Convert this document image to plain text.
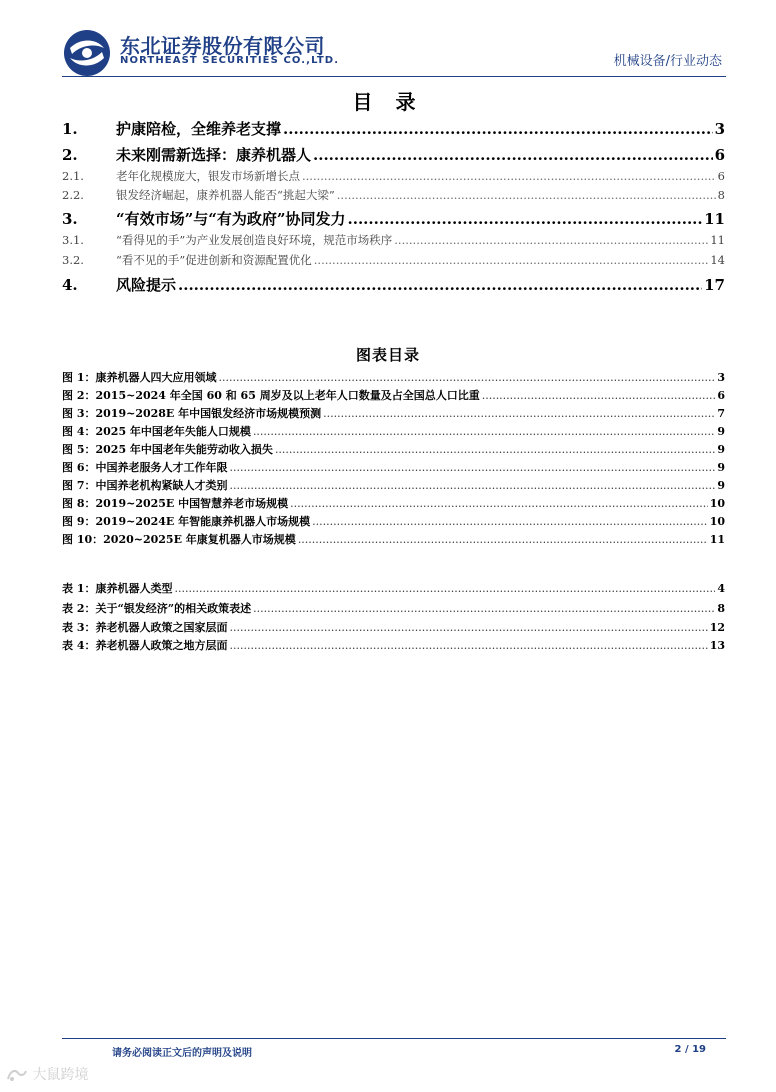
东北证券股份有限公司
NORTHEAST SECURITIES CO.,LTD.	机械设备/行业动态
目 录
1.	护康陪检，全维养老支撑 .....	3
2.	未来刚需新选择：康养机器人 .....	6
2.1.	老年化规模庞大，银发市场新增长点 .....	6
2.2.	银发经济崛起，康养机器人能否“挑起大梁” .....	8
3.	“有效市场”与“有为政府”协同发力 .....	11
3.1.	“看得见的手”为产业发展创造良好环境，规范市场秩序 .....	11
3.2.	“看不见的手”促进创新和资源配置优化 .....	14
4.	风险提示 .....	17
图表目录
图 1：康养机器人四大应用领域 .....	3
图 2：2015~2024 年全国 60 和 65 周岁及以上老年人口数量及占全国总人口比重 .....	6
图 3：2019~2028E 年中国银发经济市场规模预测 .....	7
图 4：2025 年中国老年失能人口规模 .....	9
图 5：2025 年中国老年失能劳动收入损失 .....	9
图 6：中国养老服务人才工作年限 .....	9
图 7：中国养老机构紧缺人才类别 .....	9
图 8：2019~2025E 中国智慧养老市场规模 .....	10
图 9：2019~2024E 年智能康养机器人市场规模 .....	10
图 10：2020~2025E 年康复机器人市场规模 .....	11
表 1：康养机器人类型 .....	4
表 2：关于“银发经济”的相关政策表述 .....	8
表 3：养老机器人政策之国家层面 .....	12
表 4：养老机器人政策之地方层面 .....	13
请务必阅读正文后的声明及说明	2 / 19
大鼠跨境
